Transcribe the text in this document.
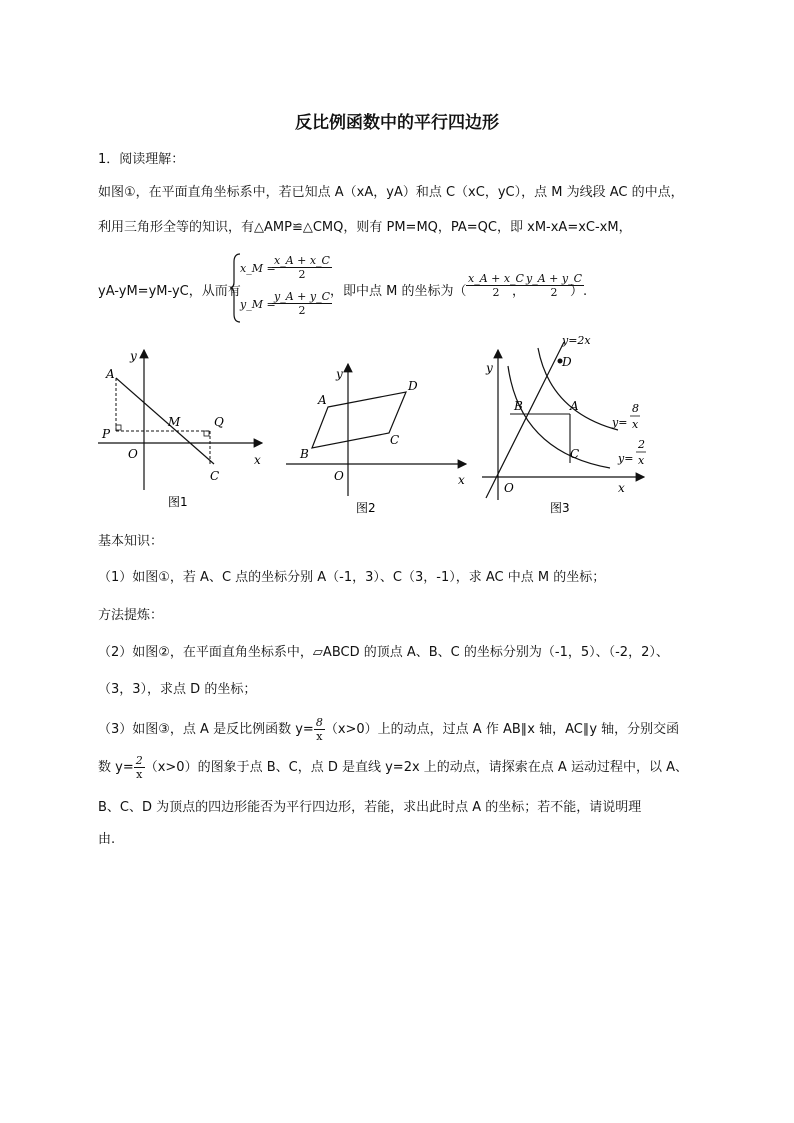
反比例函数中的平行四边形
1．阅读理解：
如图①，在平面直角坐标系中，若已知点 A（xA，yA）和点 C（xC，yC），点 M 为线段 AC 的中点，
利用三角形全等的知识，有△AMP≌△CMQ，则有 PM=MQ，PA=QC，即 xM-xA=xC-xM，
yA-yM=yM-yC，从而有
x_M =
$\frac{x\_A + x\_C}{2}$
y_M =
$\frac{y\_A + y\_C}{2}$
，即中点 M 的坐标为（ $\frac{x\_A + x\_C}{2}$
，
$\frac{y\_A + y\_C}{2}$
）.
y
x
A
M	Q
P
O
C
图1
y
x
A
D
B
C
O
图2
y=2x
D
y
B	A
C
O	x
y=
8
x
y=
2
x
图3
基本知识：
（1）如图①，若 A、C 点的坐标分别 A（-1，3）、C（3，-1），求 AC 中点 M 的坐标；
方法提炼：
（2）如图②，在平面直角坐标系中，▱ABCD 的顶点 A、B、C 的坐标分别为（-1，5）、（-2，2）、
（3，3），求点 D 的坐标；
（3）如图③，点 A 是反比例函数 $y= \frac{8}{x} (x>0)$上的动点，过点 A 作 AB∥x 轴，AC∥y 轴，分别交函
数 $y= \frac{2}{x} (x>0)$的图象于点 B、C，点 D 是直线 y=2x 上的动点，请探索在点 A 运动过程中，以 A、
B、C、D 为顶点的四边形能否为平行四边形，若能，求出此时点 A 的坐标；若不能，请说明理
由.
